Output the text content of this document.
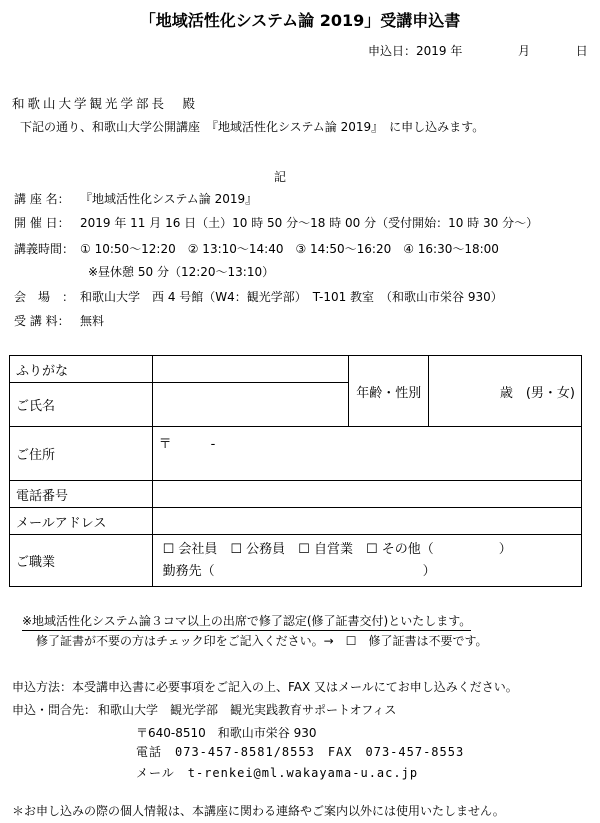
「地域活性化システム論 2019」受講申込書
申込日：2019 年	月	日
和歌山大学観光学部長　殿
下記の通り、和歌山大学公開講座　『地域活性化システム論 2019』　に申し込みます。
記
講 座 名： 『地域活性化システム論 2019』
開 催 日： 2019 年 11 月 16 日（土）10 時 50 分～18 時 00 分（受付開始：10 時 30 分～）
講義時間： ① 10:50～12:20　② 13:10～14:40　③ 14:50～16:20　④ 16:30～18:00
※昼休憩 50 分（12:20～13:10）
会　場　： 和歌山大学　西 4 号館（W4：観光学部）　T-101 教室　（和歌山市栄谷 930）
受 講 料： 無料
ふりがな		年齢・性別	歳　(男・女)
ご氏名			
ご住所	〒　　　-		
電話番号			
メールアドレス			
ご職業	☐ 会社員　☐ 公務員　☐ 自営業　☐ その他（　　　　　）
勤務先（　　　　　　　　　　　　　　　　）		
※地域活性化システム論３コマ以上の出席で修了認定(修了証書交付)といたします。
修了証書が不要の方はチェック印をご記入ください。→　☐　修了証書は不要です。
申込方法：本受講申込書に必要事項をご記入の上、FAX 又はメールにてお申し込みください。
申込・問合先： 和歌山大学　観光学部　観光実践教育サポートオフィス
〒640-8510　和歌山市栄谷 930
電話　073-457-8581/8553　FAX　073-457-8553
メール　t-renkei@ml.wakayama-u.ac.jp
＊お申し込みの際の個人情報は、本講座に関わる連絡やご案内以外には使用いたしません。
